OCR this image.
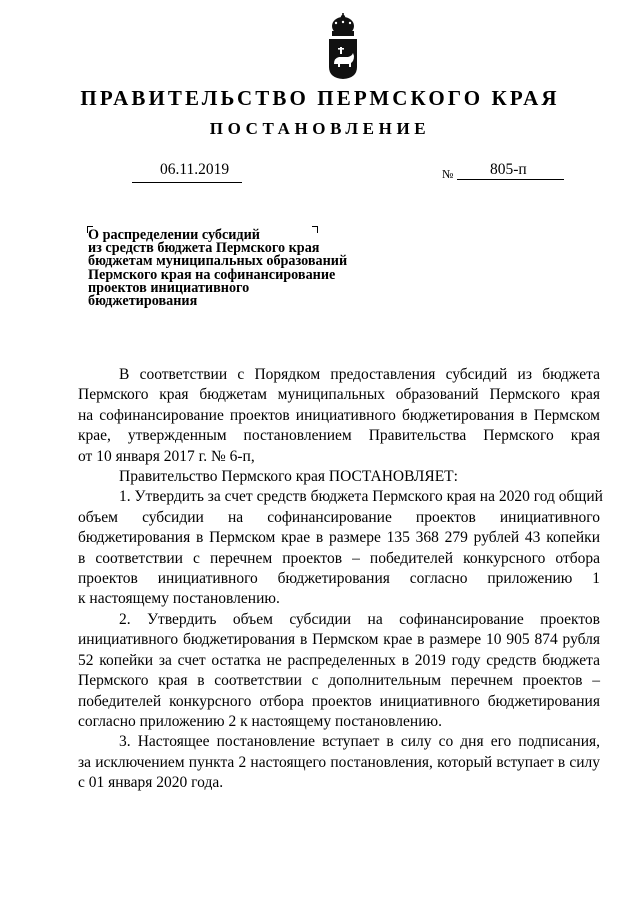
ПРАВИТЕЛЬСТВО ПЕРМСКОГО КРАЯ
ПОСТАНОВЛЕНИЕ
06.11.2019	№ 805-п
О распределении субсидий
из средств бюджета Пермского края
бюджетам муниципальных образований
Пермского края на софинансирование
проектов инициативного
бюджетирования
В соответствии с Порядком предоставления субсидий из бюджета
Пермского края бюджетам муниципальных образований Пермского края
на софинансирование проектов инициативного бюджетирования в Пермском
крае, утвержденным постановлением Правительства Пермского края
от 10 января 2017 г. № 6-п,
Правительство Пермского края ПОСТАНОВЛЯЕТ:
1. Утвердить за счет средств бюджета Пермского края на 2020 год общий
объем субсидии на софинансирование проектов инициативного
бюджетирования в Пермском крае в размере 135 368 279 рублей 43 копейки
в соответствии с перечнем проектов – победителей конкурсного отбора
проектов инициативного бюджетирования согласно приложению 1
к настоящему постановлению.
2. Утвердить объем субсидии на софинансирование проектов
инициативного бюджетирования в Пермском крае в размере 10 905 874 рубля
52 копейки за счет остатка не распределенных в 2019 году средств бюджета
Пермского края в соответствии с дополнительным перечнем проектов –
победителей конкурсного отбора проектов инициативного бюджетирования
согласно приложению 2 к настоящему постановлению.
3. Настоящее постановление вступает в силу со дня его подписания,
за исключением пункта 2 настоящего постановления, который вступает в силу
с 01 января 2020 года.
